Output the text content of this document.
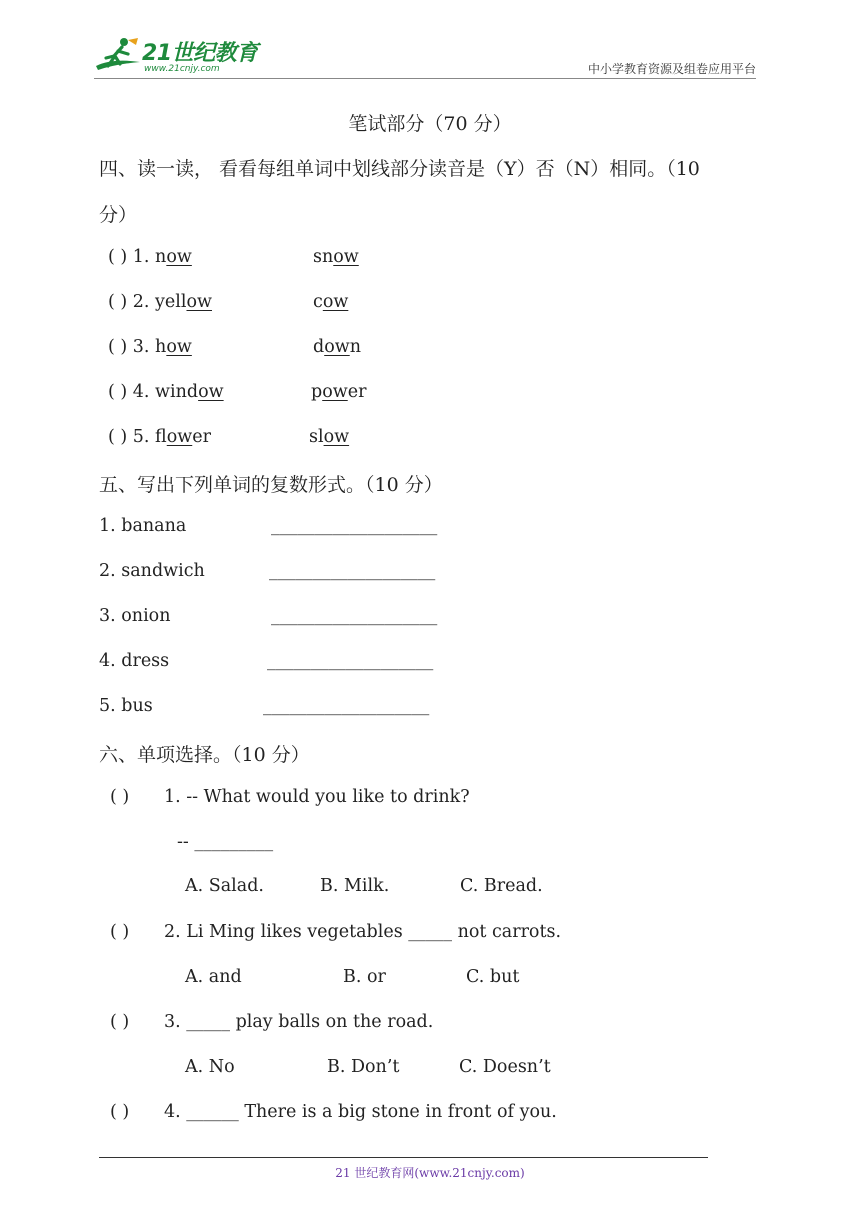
21世纪教育
www.21cnjy.com	中小学教育资源及组卷应用平台
笔试部分（70 分）
四、读一读， 看看每组单词中划线部分读音是（Y）否（N）相同。（10
分）
( ) 1. now	snow
( ) 2. yellow	cow
( ) 3. how	down
( ) 4. window	power
( ) 5. flower	slow
五、写出下列单词的复数形式。（10 分）
1. banana	___________________
2. sandwich	___________________
3. onion	___________________
4. dress	___________________
5. bus	___________________
六、单项选择。（10 分）
( ) 1. -- What would you like to drink?
-- _________
A. Salad.	B. Milk.	C. Bread.
( ) 2. Li Ming likes vegetables _____ not carrots.
A. and	B. or	C. but
( ) 3. _____ play balls on the road.
A. No	B. Don’t	C. Doesn’t
( ) 4. ______ There is a big stone in front of you.
21 世纪教育网(www.21cnjy.com)
